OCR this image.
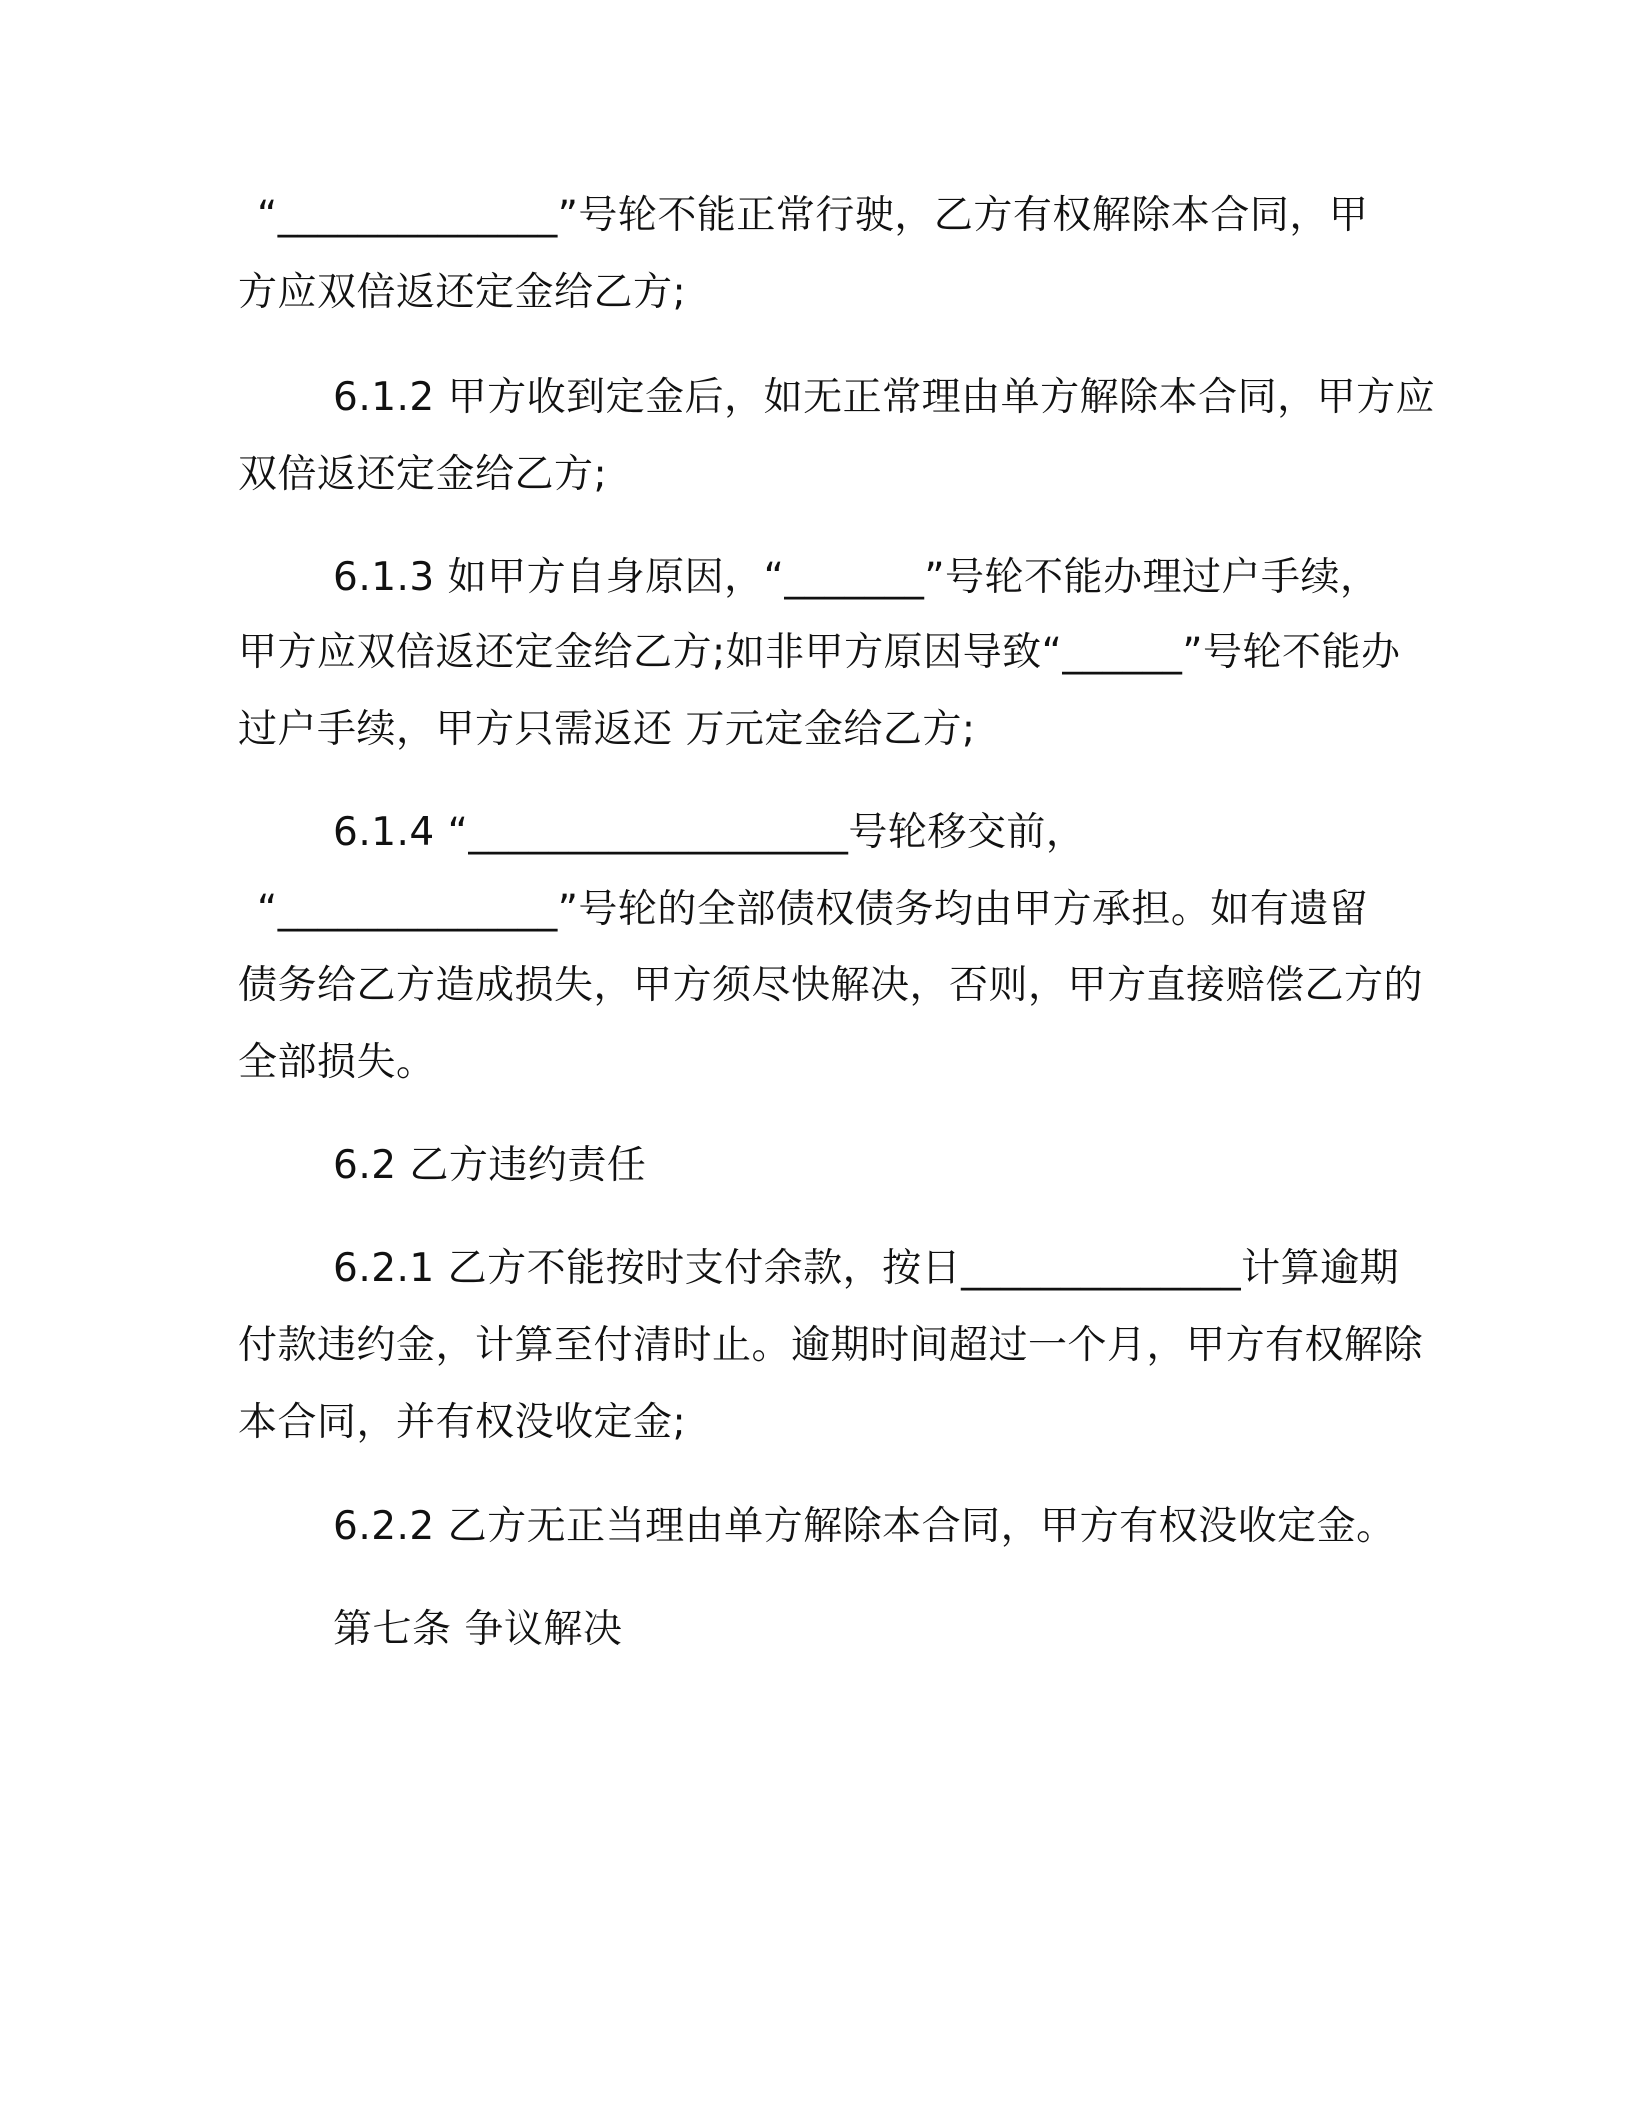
“______________”号轮不能正常行驶，乙方有权解除本合同，甲
方应双倍返还定金给乙方;
6.1.2 甲方收到定金后，如无正常理由单方解除本合同，甲方应
双倍返还定金给乙方;
6.1.3 如甲方自身原因，“_______”号轮不能办理过户手续，
甲方应双倍返还定金给乙方;如非甲方原因导致“______”号轮不能办
过户手续，甲方只需返还 万元定金给乙方;
6.1.4 “___________________号轮移交前，
“______________”号轮的全部债权债务均由甲方承担。如有遗留
债务给乙方造成损失，甲方须尽快解决，否则，甲方直接赔偿乙方的
全部损失。
6.2 乙方违约责任
6.2.1 乙方不能按时支付余款，按日______________计算逾期
付款违约金，计算至付清时止。逾期时间超过一个月，甲方有权解除
本合同，并有权没收定金;
6.2.2 乙方无正当理由单方解除本合同，甲方有权没收定金。
第七条 争议解决
